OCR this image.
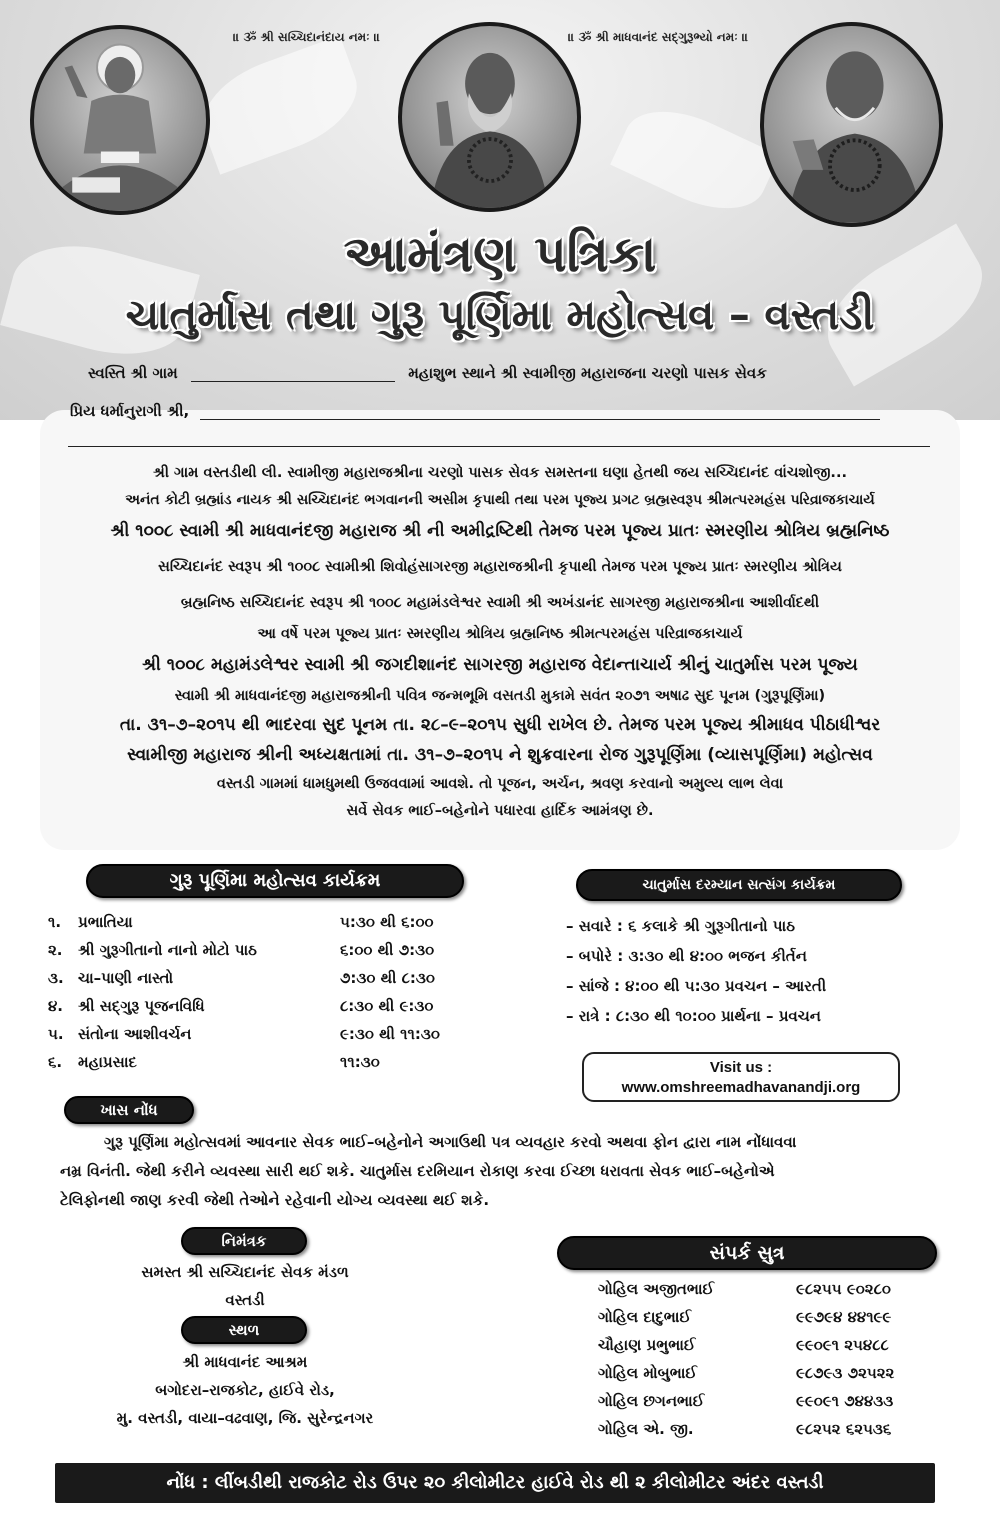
॥ ૐ શ્રી સચ્ચિદાનંદાય નમઃ ॥	॥ ૐ શ્રી માધવાનંદ સદ્ગુરૂભ્યો નમઃ ॥
આમંત્રણ પત્રિકા
ચાતુર્માસ તથા ગુરૂ પૂર્ણિમા મહોત્સવ – વસ્તડી
સ્વસ્તિ શ્રી ગામ	મહાશુભ સ્થાને શ્રી સ્વામીજી મહારાજના ચરણો પાસક સેવક
પ્રિય ધર્માનુરાગી શ્રી,
શ્રી ગામ વસ્તડીથી લી. સ્વામીજી મહારાજશ્રીના ચરણો પાસક સેવક સમસ્તના ઘણા હેતથી જય સચ્ચિદાનંદ વાંચશોજી...
અનંત કોટી બ્રહ્માંડ નાયક શ્રી સચ્ચિદાનંદ ભગવાનની અસીમ કૃપાથી તથા પરમ પૂજ્ય પ્રગટ બ્રહ્મસ્વરૂપ શ્રીમત્પરમહંસ પરિવ્રાજકાચાર્ય
શ્રી ૧૦૦૮ સ્વામી શ્રી માધવાનંદજી મહારાજ શ્રી ની અમીદ્રષ્ટિથી તેમજ પરમ પૂજ્ય પ્રાતઃ સ્મરણીય શ્રોત્રિય બ્રહ્મનિષ્ઠ
સચ્ચિદાનંદ સ્વરૂપ શ્રી ૧૦૦૮ સ્વામીશ્રી શિવોહંસાગરજી મહારાજશ્રીની કૃપાથી તેમજ પરમ પૂજ્ય પ્રાતઃ સ્મરણીય શ્રોત્રિય
બ્રહ્મનિષ્ઠ સચ્ચિદાનંદ સ્વરૂપ શ્રી ૧૦૦૮ મહામંડલેશ્વર સ્વામી શ્રી અખંડાનંદ સાગરજી મહારાજશ્રીના આશીર્વાદથી
આ વર્ષે પરમ પૂજ્ય પ્રાતઃ સ્મરણીય શ્રોત્રિય બ્રહ્મનિષ્ઠ શ્રીમત્પરમહંસ પરિવ્રાજકાચાર્ય
શ્રી ૧૦૦૮ મહામંડલેશ્વર સ્વામી શ્રી જગદીશાનંદ સાગરજી મહારાજ વેદાન્તાચાર્ય શ્રીનું ચાતુર્માસ પરમ પૂજ્ય
સ્વામી શ્રી માધવાનંદજી મહારાજશ્રીની પવિત્ર જન્મભૂમિ વસતડી મુકામે સવંત ૨૦૭૧ અષાઢ સુદ પૂનમ (ગુરૂપૂર્ણિમા)
તા. ૩૧–૭–૨૦૧૫ થી ભાદરવા સુદ પૂનમ તા. ૨૮–૯–૨૦૧૫ સુધી રાખેલ છે. તેમજ પરમ પૂજ્ય શ્રીમાધવ પીઠાધીશ્વર
સ્વામીજી મહારાજ શ્રીની અધ્યક્ષતામાં તા. ૩૧–૭–૨૦૧૫ ને શુક્રવારના રોજ ગુરૂપૂર્ણિમા (વ્યાસપૂર્ણિમા) મહોત્સવ
વસ્તડી ગામમાં ધામધુમથી ઉજવવામાં આવશે. તો પૂજન, અર્ચન, શ્રવણ કરવાનો અમુલ્ય લાભ લેવા
સર્વે સેવક ભાઈ–બહેનોને પધારવા હાર્દિક આમંત્રણ છે.
ગુરૂ પૂર્ણિમા મહોત્સવ કાર્યક્રમ
૧. પ્રભાતિયા	૫:૩૦ થી ૬:૦૦
૨. શ્રી ગુરૂગીતાનો નાનો મોટો પાઠ	૬:૦૦ થી ૭:૩૦
૩. ચા–પાણી નાસ્તો	૭:૩૦ થી ૮:૩૦
૪. શ્રી સદ્ગુરૂ પૂજનવિધિ	૮:૩૦ થી ૯:૩૦
૫. સંતોના આશીવર્ચન	૯:૩૦ થી ૧૧:૩૦
૬. મહાપ્રસાદ	૧૧:૩૦
ચાતુર્માસ દરમ્યાન સત્સંગ કાર્યક્રમ
– સવારે : ૬ કલાકે શ્રી ગુરૂગીતાનો પાઠ
– બપોરે : ૩:૩૦ થી ૪:૦૦ ભજન કીર્તન
– સાંજે : ૪:૦૦ થી ૫:૩૦ પ્રવચન – આરતી
– રાત્રે : ૮:૩૦ થી ૧૦:૦૦ પ્રાર્થના – પ્રવચન
Visit us :
www.omshreemadhavanandji.org
ખાસ નોંધ
ગુરૂ પૂર્ણિમા મહોત્સવમાં આવનાર સેવક ભાઈ–બહેનોને અગાઉથી પત્ર વ્યવહાર કરવો અથવા ફોન દ્વારા નામ નોંધાવવા
નમ્ર વિનંતી. જેથી કરીને વ્યવસ્થા સારી થઈ શકે. ચાતુર્માસ દરમિયાન રોકાણ કરવા ઈચ્છા ધરાવતા સેવક ભાઈ–બહેનોએ
ટેલિફોનથી જાણ કરવી જેથી તેઓને રહેવાની યોગ્ય વ્યવસ્થા થઈ શકે.
નિમંત્રક
સમસ્ત શ્રી સચ્ચિદાનંદ સેવક મંડળ
વસ્તડી
સ્થળ
શ્રી માધવાનંદ આશ્રમ
બગોદરા–રાજકોટ, હાઈવે રોડ,
મુ. વસ્તડી, વાયા–વઢવાણ, જિ. સુરેન્દ્રનગર
સંપર્ક સુત્ર
ગોહિલ અજીતભાઈ	૯૮૨૫૫ ૯૦૨૮૦
ગોહિલ દાદુભાઈ	૯૯૭૯૪ ૪૪૧૯૯
ચૌહાણ પ્રભુભાઈ	૯૯૦૯૧ ૨૫૪૮૮
ગોહિલ મોબુભાઈ	૯૮૭૯૩ ૭૨૫૨૨
ગોહિલ છગનભાઈ	૯૯૦૯૧ ૭૪૪૩૩
ગોહિલ એ. જી.	૯૮૨૫૨ ૬૨૫૩૬
નોંધ : લીંબડીથી રાજકોટ રોડ ઉપર ૨૦ કીલોમીટર હાઈવે રોડ થી ૨ કીલોમીટર અંદર વસ્તડી
